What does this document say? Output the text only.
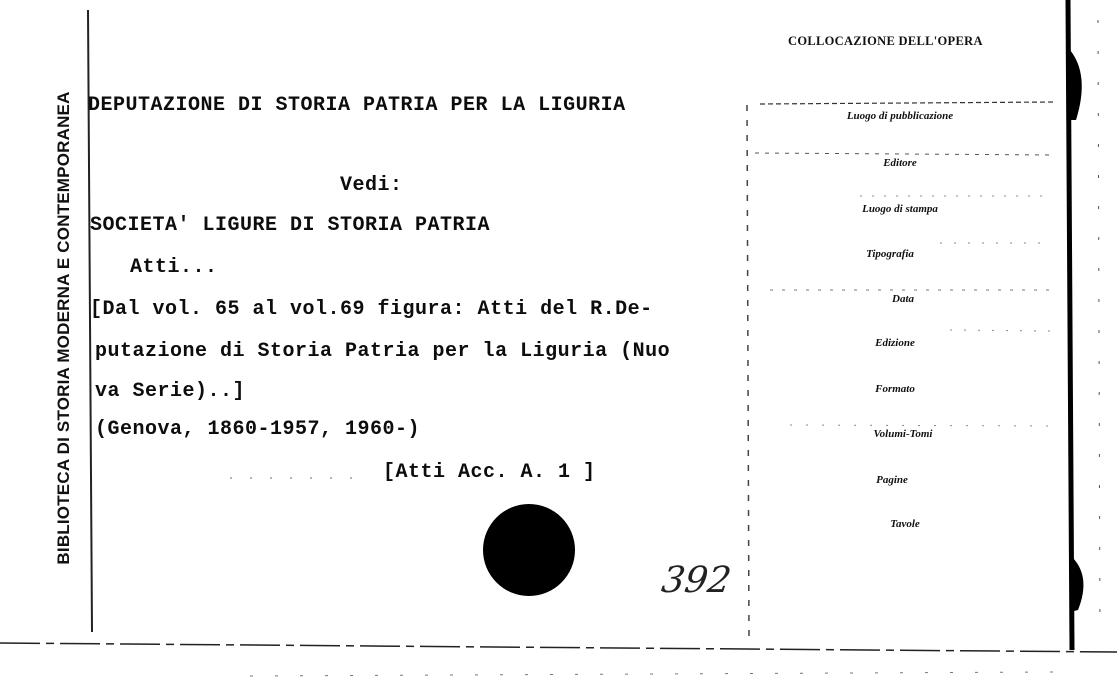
BIBLIOTECA DI STORIA MODERNA E CONTEMPORANEA DEPUTAZIONE DI STORIA PATRIA PER LA LIGURIA
Vedi:
SOCIETA' LIGURE DI STORIA PATRIA
Atti...
[Dal vol. 65 al vol.69 figura: Atti del R.De-
putazione di Storia Patria per la Liguria (Nuo
va Serie)..]
(Genova, 1860-1957, 1960-)
[Atti Acc. A. 1 ]
392
COLLOCAZIONE DELL'OPERA
Luogo di pubblicazione
Editore
Luogo di stampa
Tipografia
Data
Edizione
Formato
Volumi-Tomi
Pagine
Tavole
